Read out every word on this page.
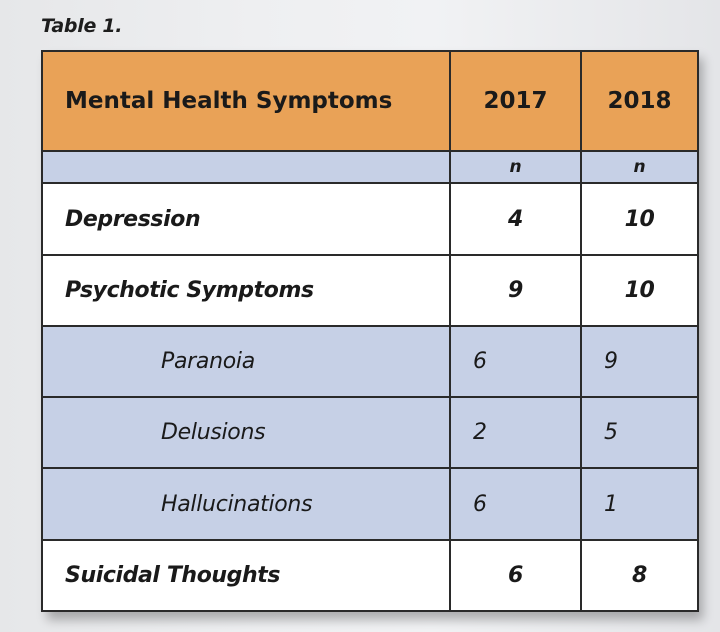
Table 1.
Mental Health Symptoms	2017	2018
	n	n
Depression	4	10
Psychotic Symptoms	9	10
Paranoia	6	9
Delusions	2	5
Hallucinations	6	1
Suicidal Thoughts	6	8
